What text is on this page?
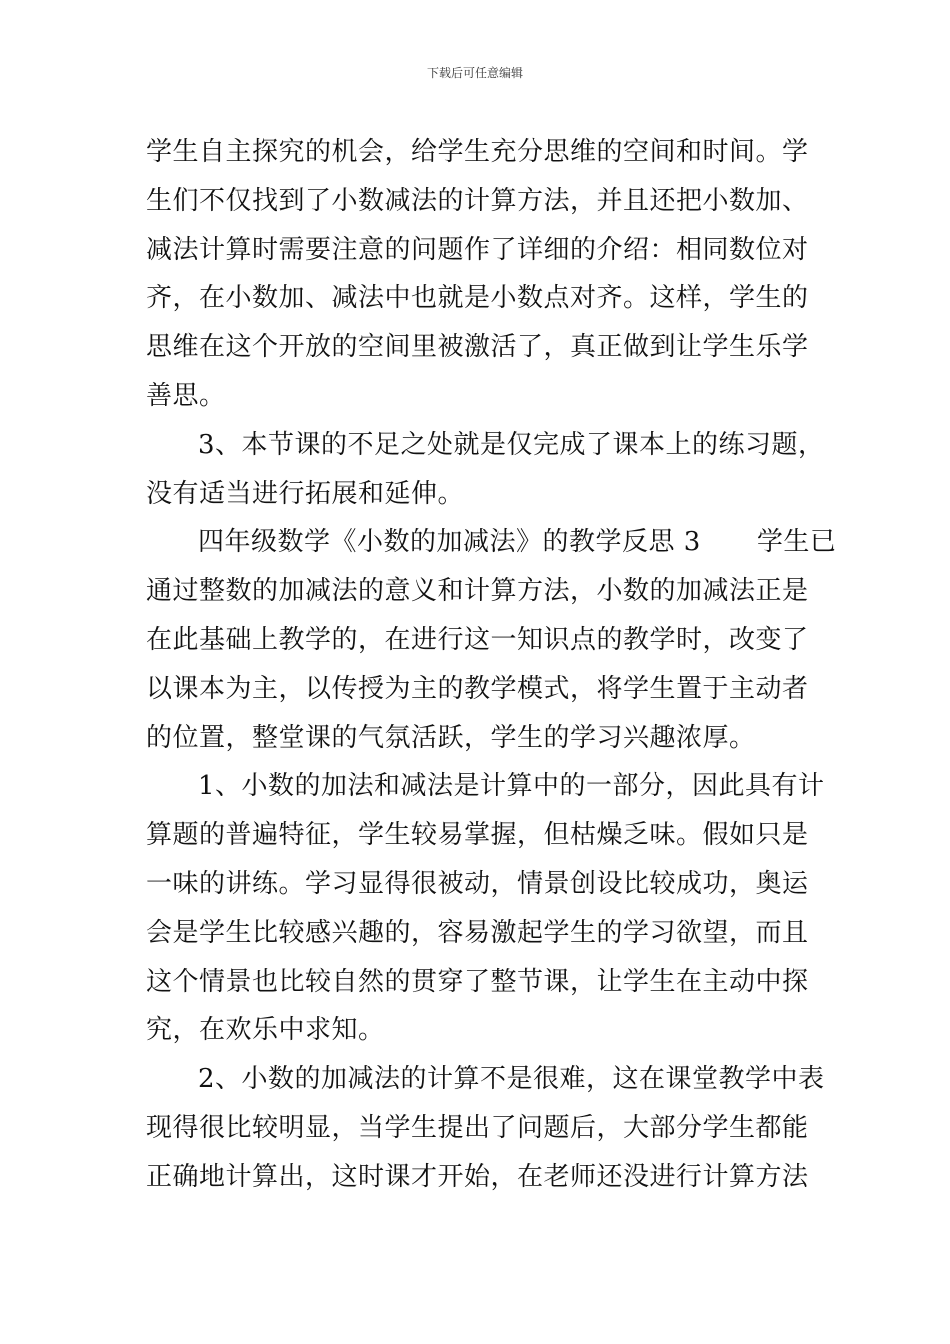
下载后可任意编辑
学生自主探究的机会，给学生充分思维的空间和时间。学
生们不仅找到了小数减法的计算方法，并且还把小数加、
减法计算时需要注意的问题作了详细的介绍：相同数位对
齐，在小数加、减法中也就是小数点对齐。这样，学生的
思维在这个开放的空间里被激活了，真正做到让学生乐学
善思。
3、本节课的不足之处就是仅完成了课本上的练习题，
没有适当进行拓展和延伸。
四年级数学《小数的加减法》的教学反思 3 学生已
通过整数的加减法的意义和计算方法，小数的加减法正是
在此基础上教学的，在进行这一知识点的教学时，改变了
以课本为主，以传授为主的教学模式，将学生置于主动者
的位置，整堂课的气氛活跃，学生的学习兴趣浓厚。
1、小数的加法和减法是计算中的一部分，因此具有计
算题的普遍特征，学生较易掌握，但枯燥乏味。假如只是
一味的讲练。学习显得很被动，情景创设比较成功，奥运
会是学生比较感兴趣的，容易激起学生的学习欲望，而且
这个情景也比较自然的贯穿了整节课，让学生在主动中探
究，在欢乐中求知。
2、小数的加减法的计算不是很难，这在课堂教学中表
现得很比较明显，当学生提出了问题后，大部分学生都能
正确地计算出，这时课才开始，在老师还没进行计算方法
